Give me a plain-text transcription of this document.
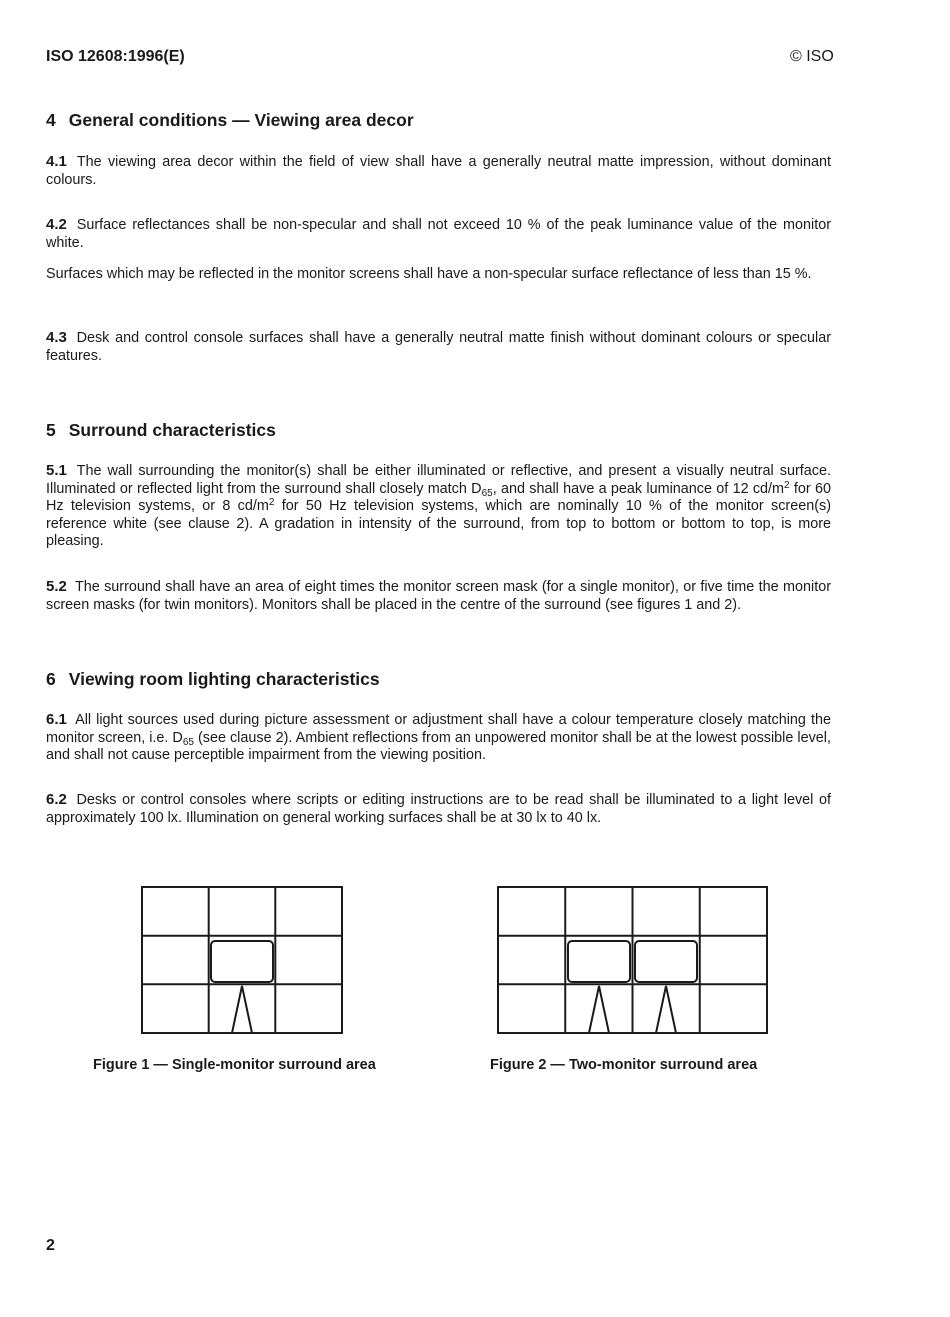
ISO 12608:1996(E)	© ISO
4 General conditions — Viewing area decor

4.1 The viewing area decor within the field of view shall have a generally neutral matte impression, without dominant colours.

4.2 Surface reflectances shall be non-specular and shall not exceed 10 % of the peak luminance value of the monitor white.

Surfaces which may be reflected in the monitor screens shall have a non-specular surface reflectance of less than 15 %.

4.3 Desk and control console surfaces shall have a generally neutral matte finish without dominant colours or specular features.

5 Surround characteristics

5.1 The wall surrounding the monitor(s) shall be either illuminated or reflective, and present a visually neutral surface. Illuminated or reflected light from the surround shall closely match $D_{65}$, and shall have a peak luminance of 12 $cd/m^2$ for 60 Hz television systems, or 8 $cd/m^2$ for 50 Hz television systems, which are nominally 10 % of the monitor screen(s) reference white (see clause 2). A gradation in intensity of the surround, from top to bottom or bottom to top, is more pleasing.

5.2 The surround shall have an area of eight times the monitor screen mask (for a single monitor), or five time the monitor screen masks (for twin monitors). Monitors shall be placed in the centre of the surround (see figures 1 and 2).

6 Viewing room lighting characteristics

6.1 All light sources used during picture assessment or adjustment shall have a colour temperature closely matching the monitor screen, i.e. $D_{65}$ (see clause 2). Ambient reflections from an unpowered monitor shall be at the lowest possible level, and shall not cause perceptible impairment from the viewing position.

6.2 Desks or control consoles where scripts or editing instructions are to be read shall be illuminated to a light level of approximately 100 lx. Illumination on general working surfaces shall be at 30 lx to 40 lx.

Figure 1 — Single-monitor surround area	Figure 2 — Two-monitor surround area
2
